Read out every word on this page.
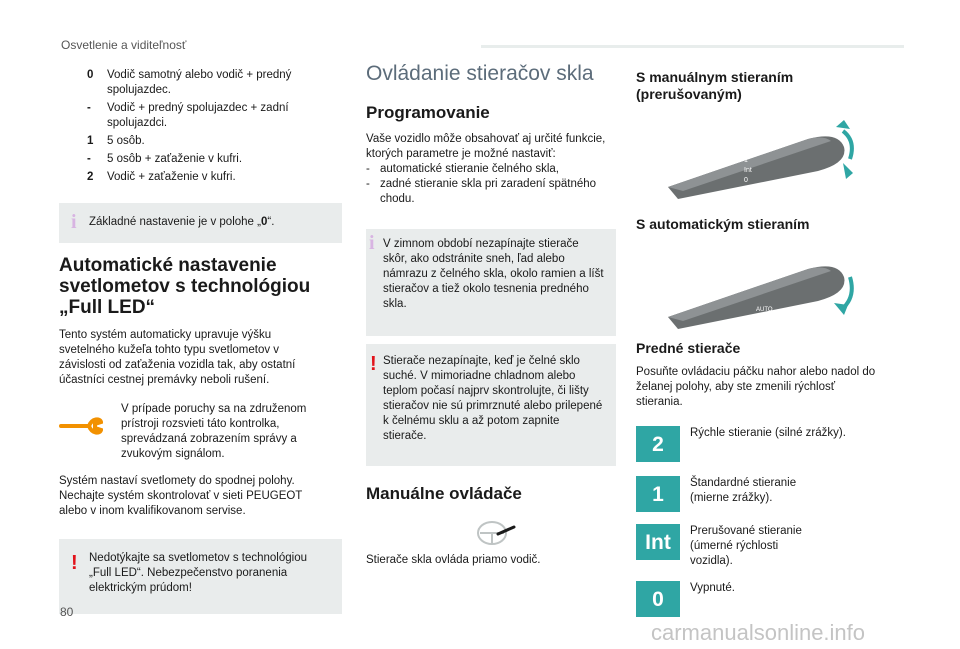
Osvetlenie a viditeľnosť
0	Vodič samotný alebo vodič + predný spolujazdec.
-	Vodič + predný spolujazdec + zadní spolujazdci.
1	5 osôb.
-	5 osôb + zaťaženie v kufri.
2	Vodič + zaťaženie v kufri.
i	Základné nastavenie je v polohe „0“.
Automatické nastavenie svetlometov s technológiou „Full LED“

Tento systém automaticky upravuje výšku svetelného kužeľa tohto typu svetlometov v závislosti od zaťaženia vozidla tak, aby ostatní účastníci cestnej premávky neboli rušení.

V prípade poruchy sa na združenom prístroji rozsvieti táto kontrolka, sprevádzaná zobrazením správy a zvukovým signálom.

Systém nastaví svetlomety do spodnej polohy. Nechajte systém skontrolovať v sieti PEUGEOT alebo v inom kvalifikovanom servise.

! Nedotýkajte sa svetlometov s technológiou „Full LED“. Nebezpečenstvo poranenia elektrickým prúdom!
Ovládanie stieračov skla
Programovanie

Vaše vozidlo môže obsahovať aj určité funkcie, ktorých parametre je možné nastaviť:

- automatické stieranie čelného skla,
- zadné stieranie skla pri zaradení spätného chodu.
i V zimnom období nezapínajte stierače skôr, ako odstránite sneh, ľad alebo námrazu z čelného skla, okolo ramien a líšt stieračov a tiež okolo tesnenia predného skla.
! Stierače nezapínajte, keď je čelné sklo suché. V mimoriadne chladnom alebo teplom počasí najprv skontrolujte, či lišty stieračov nie sú primrznuté alebo prilepené k čelnému sklu a až potom zapnite stierače.
Manuálne ovládače

Stierače skla ovláda priamo vodič.

S manuálnym stieraním (prerušovaným)
0
Int
1
2
S automatickým stieraním
AUTO
Predné stierače

Posuňte ovládaciu páčku nahor alebo nadol do želanej polohy, aby ste zmenili rýchlosť stierania.

2	Rýchle stieranie (silné zrážky).
1	Štandardné stieranie (mierne zrážky).
Int	Prerušované stieranie (úmerné rýchlosti vozidla).
0	Vypnuté.
80
carmanualsonline.info
